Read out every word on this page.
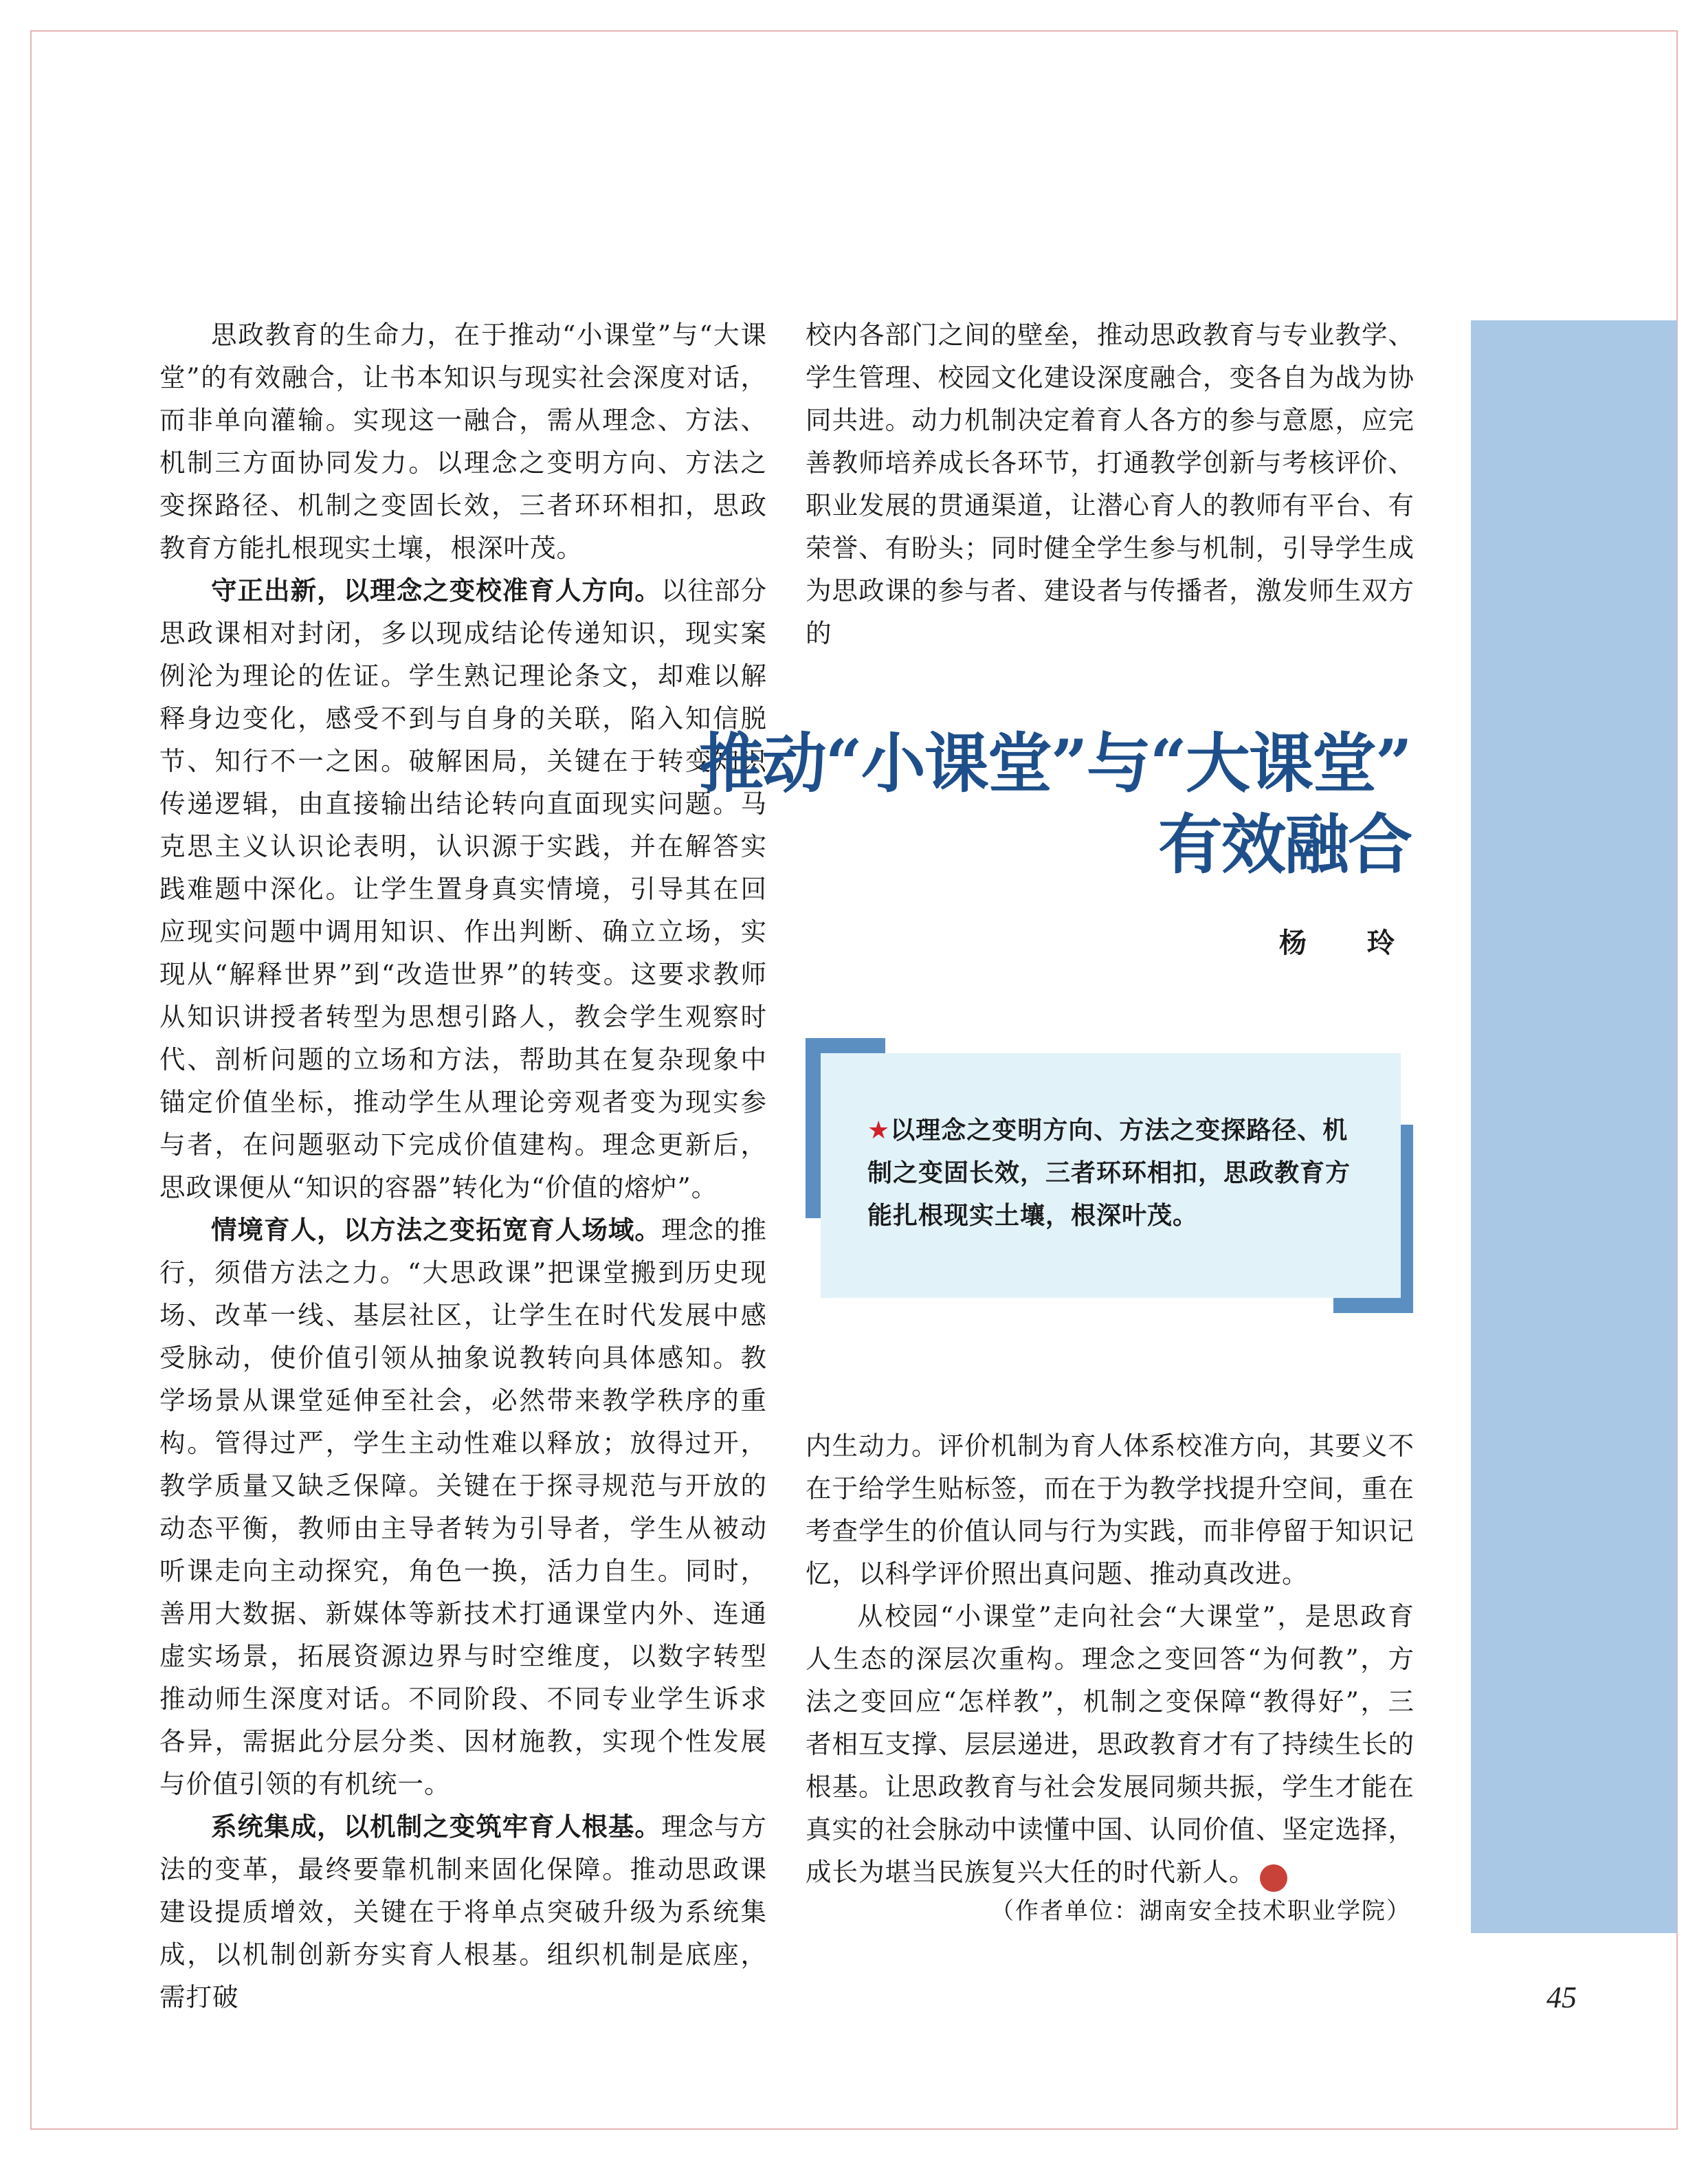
思政教育的生命力，在于推动“小课堂”与“大课堂”的有效融合，让书本知识与现实社会深度对话，而非单向灌输。实现这一融合，需从理念、方法、机制三方面协同发力。以理念之变明方向、方法之变探路径、机制之变固长效，三者环环相扣，思政教育方能扎根现实土壤，根深叶茂。

守正出新，以理念之变校准育人方向。以往部分思政课相对封闭，多以现成结论传递知识，现实案例沦为理论的佐证。学生熟记理论条文，却难以解释身边变化，感受不到与自身的关联，陷入知信脱节、知行不一之困。破解困局，关键在于转变知识传递逻辑，由直接输出结论转向直面现实问题。马克思主义认识论表明，认识源于实践，并在解答实践难题中深化。让学生置身真实情境，引导其在回应现实问题中调用知识、作出判断、确立立场，实现从“解释世界”到“改造世界”的转变。这要求教师从知识讲授者转型为思想引路人，教会学生观察时代、剖析问题的立场和方法，帮助其在复杂现象中锚定价值坐标，推动学生从理论旁观者变为现实参与者，在问题驱动下完成价值建构。理念更新后，思政课便从“知识的容器”转化为“价值的熔炉”。

情境育人，以方法之变拓宽育人场域。理念的推行，须借方法之力。“大思政课”把课堂搬到历史现场、改革一线、基层社区，让学生在时代发展中感受脉动，使价值引领从抽象说教转向具体感知。教学场景从课堂延伸至社会，必然带来教学秩序的重构。管得过严，学生主动性难以释放；放得过开，教学质量又缺乏保障。关键在于探寻规范与开放的动态平衡，教师由主导者转为引导者，学生从被动听课走向主动探究，角色一换，活力自生。同时，善用大数据、新媒体等新技术打通课堂内外、连通虚实场景，拓展资源边界与时空维度，以数字转型推动师生深度对话。不同阶段、不同专业学生诉求各异，需据此分层分类、因材施教，实现个性发展与价值引领的有机统一。

系统集成，以机制之变筑牢育人根基。理念与方法的变革，最终要靠机制来固化保障。推动思政课建设提质增效，关键在于将单点突破升级为系统集成，以机制创新夯实育人根基。组织机制是底座，需打破

校内各部门之间的壁垒，推动思政教育与专业教学、学生管理、校园文化建设深度融合，变各自为战为协同共进。动力机制决定着育人各方的参与意愿，应完善教师培养成长各环节，打通教学创新与考核评价、职业发展的贯通渠道，让潜心育人的教师有平台、有荣誉、有盼头；同时健全学生参与机制，引导学生成为思政课的参与者、建设者与传播者，激发师生双方的

推动“小课堂”与“大课堂”
有效融合
杨　玲
★以理念之变明方向、方法之变探路径、机制之变固长效，三者环环相扣，思政教育方能扎根现实土壤，根深叶茂。

内生动力。评价机制为育人体系校准方向，其要义不在于给学生贴标签，而在于为教学找提升空间，重在考查学生的价值认同与行为实践，而非停留于知识记忆，以科学评价照出真问题、推动真改进。

从校园“小课堂”走向社会“大课堂”，是思政育人生态的深层次重构。理念之变回答“为何教”，方法之变回应“怎样教”，机制之变保障“教得好”，三者相互支撑、层层递进，思政教育才有了持续生长的根基。让思政教育与社会发展同频共振，学生才能在真实的社会脉动中读懂中国、认同价值、坚定选择，成长为堪当民族复兴大任的时代新人。	n

（作者单位：湖南安全技术职业学院）
45
